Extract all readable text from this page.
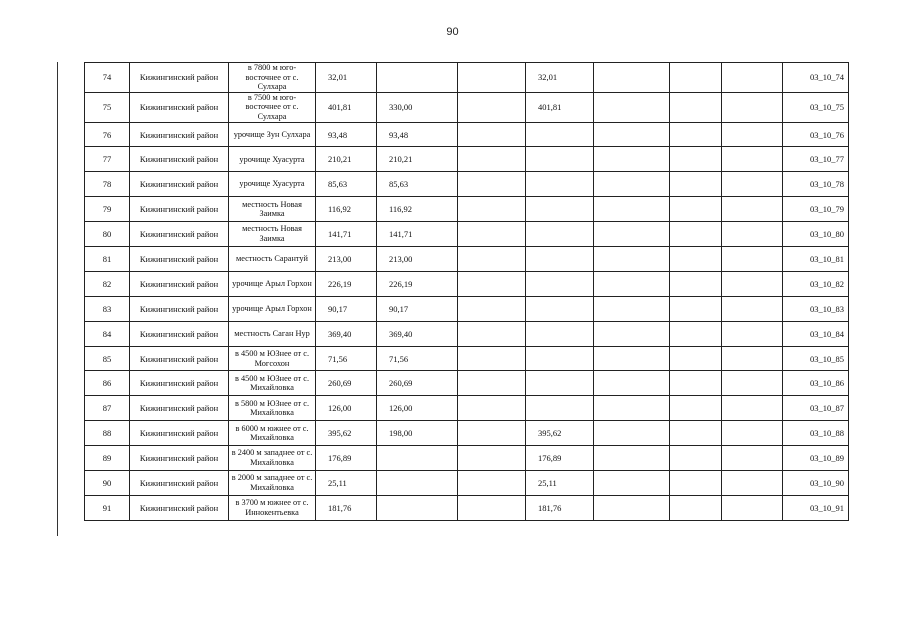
90
74	Кижингинский район	в 7800 м юго-восточнее от с. Сулхара	32,01			32,01				03_10_74
75	Кижингинский район	в 7500 м юго-восточнее от с. Сулхара	401,81	330,00		401,81				03_10_75
76	Кижингинский район	урочище Зун Сулхара	93,48	93,48						03_10_76
77	Кижингинский район	урочище Хуасурта	210,21	210,21						03_10_77
78	Кижингинский район	урочище Хуасурта	85,63	85,63						03_10_78
79	Кижингинский район	местность Новая Заимка	116,92	116,92						03_10_79
80	Кижингинский район	местность Новая Заимка	141,71	141,71						03_10_80
81	Кижингинский район	местность Сарантуй	213,00	213,00						03_10_81
82	Кижингинский район	урочище Арыл Горхон	226,19	226,19						03_10_82
83	Кижингинский район	урочище Арыл Горхон	90,17	90,17						03_10_83
84	Кижингинский район	местность Саган Нур	369,40	369,40						03_10_84
85	Кижингинский район	в 4500 м ЮЗнее от с. Могсохон	71,56	71,56						03_10_85
86	Кижингинский район	в 4500 м ЮЗнее от с. Михайловка	260,69	260,69						03_10_86
87	Кижингинский район	в 5800 м ЮЗнее от с. Михайловка	126,00	126,00						03_10_87
88	Кижингинский район	в 6000 м южнее от с. Михайловка	395,62	198,00		395,62				03_10_88
89	Кижингинский район	в 2400 м западнее от с. Михайловка	176,89			176,89				03_10_89
90	Кижингинский район	в 2000 м западнее от с. Михайловка	25,11			25,11				03_10_90
91	Кижингинский район	в 3700 м южнее от с. Иннокентьевка	181,76			181,76				03_10_91
